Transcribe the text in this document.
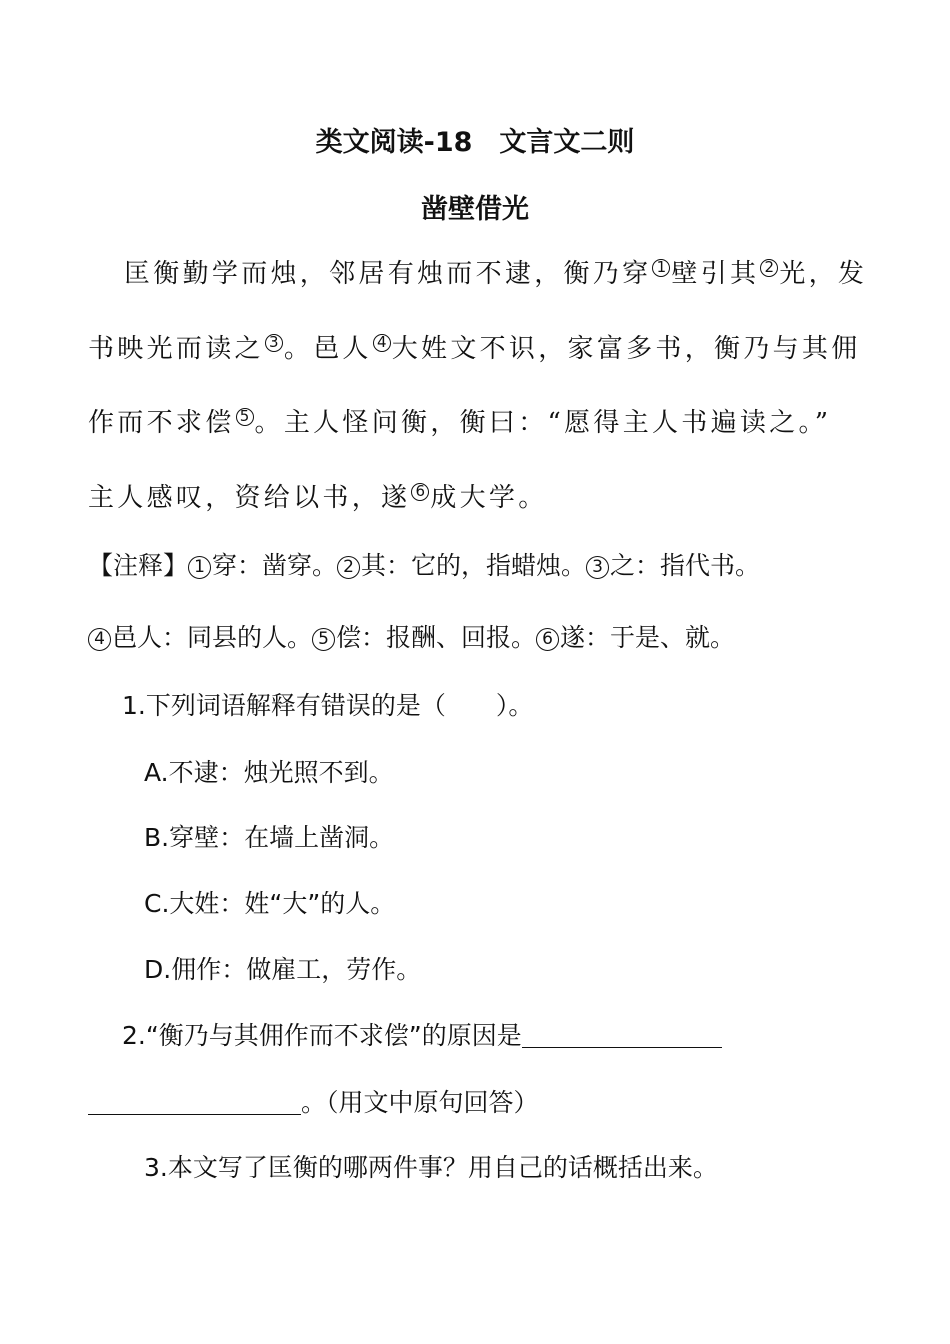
类文阅读-18　文言文二则
凿壁借光
匡衡勤学而烛，邻居有烛而不逮，衡乃穿 1 壁引其 2 光，发
书映光而读之 3 。邑人 4 大姓文不识，家富多书，衡乃与其佣
作而不求偿 5 。主人怪问衡，衡曰：“愿得主人书遍读之。”
主人感叹，资给以书，遂 6 成大学。
【注释】 1 穿：凿穿。 2 其：它的，指蜡烛。 3 之：指代书。
4 邑人：同县的人。 5 偿：报酬、回报。 6 遂：于是、就。
1.下列词语解释有错误的是（　　）。
A.不逮：烛光照不到。
B.穿壁：在墙上凿洞。
C.大姓：姓“大”的人。
D.佣作：做雇工，劳作。
2.“衡乃与其佣作而不求偿”的原因是
。（用文中原句回答）
3.本文写了匡衡的哪两件事？用自己的话概括出来。
